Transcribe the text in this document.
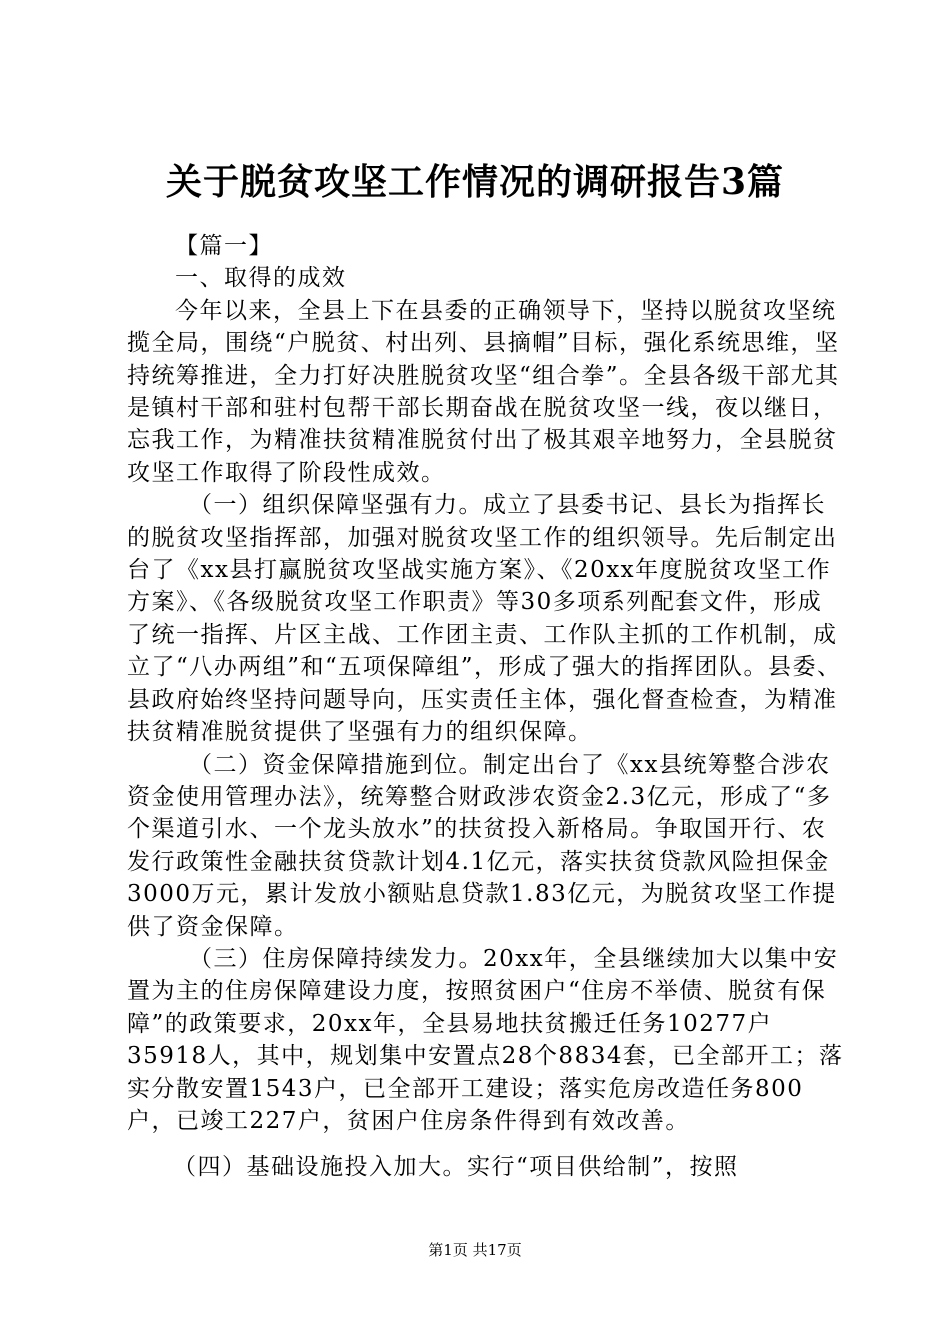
关于脱贫攻坚工作情况的调研报告3篇

【篇一】

一、取得的成效

今年以来，全县上下在县委的正确领导下，坚持以脱贫攻坚统揽全局，围绕“户脱贫、村出列、县摘帽”目标，强化系统思维，坚持统筹推进，全力打好决胜脱贫攻坚“组合拳”。全县各级干部尤其是镇村干部和驻村包帮干部长期奋战在脱贫攻坚一线，夜以继日，忘我工作，为精准扶贫精准脱贫付出了极其艰辛地努力，全县脱贫攻坚工作取得了阶段性成效。

（一）组织保障坚强有力。成立了县委书记、县长为指挥长的脱贫攻坚指挥部，加强对脱贫攻坚工作的组织领导。先后制定出台了《xx县打赢脱贫攻坚战实施方案》、《20xx年度脱贫攻坚工作方案》、《各级脱贫攻坚工作职责》等30多项系列配套文件，形成了统一指挥、片区主战、工作团主责、工作队主抓的工作机制，成立了“八办两组”和“五项保障组”，形成了强大的指挥团队。县委、县政府始终坚持问题导向，压实责任主体，强化督查检查，为精准扶贫精准脱贫提供了坚强有力的组织保障。

（二）资金保障措施到位。制定出台了《xx县统筹整合涉农资金使用管理办法》，统筹整合财政涉农资金2.3亿元，形成了“多个渠道引水、一个龙头放水”的扶贫投入新格局。争取国开行、农发行政策性金融扶贫贷款计划4.1亿元，落实扶贫贷款风险担保金3000万元，累计发放小额贴息贷款1.83亿元，为脱贫攻坚工作提供了资金保障。

（三）住房保障持续发力。20xx年，全县继续加大以集中安置为主的住房保障建设力度，按照贫困户“住房不举债、脱贫有保障”的政策要求，20xx年，全县易地扶贫搬迁任务10277户35918人，其中，规划集中安置点28个8834套，已全部开工；落实分散安置1543户，已全部开工建设；落实危房改造任务800户，已竣工227户，贫困户住房条件得到有效改善。

（四）基础设施投入加大。实行“项目供给制”，按照

第1页 共17页
